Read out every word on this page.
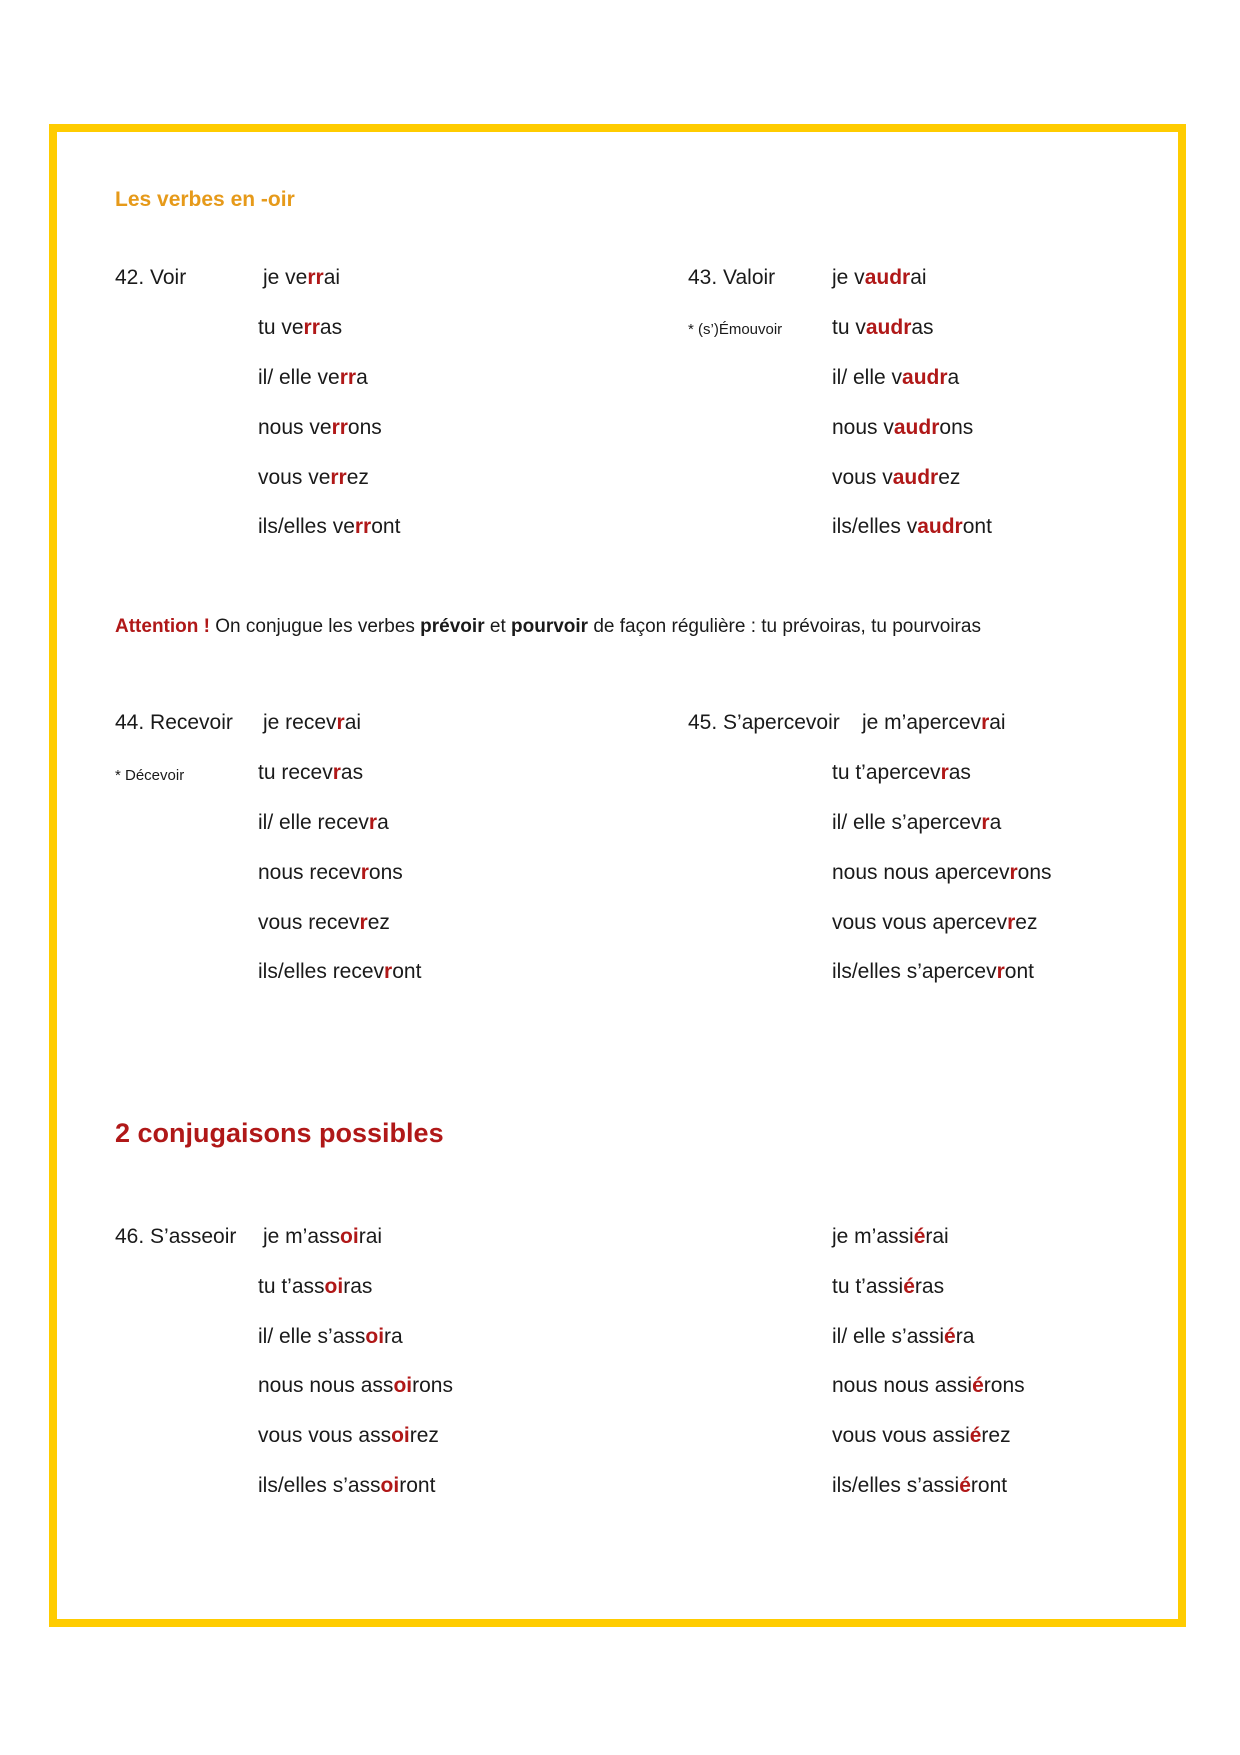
Les verbes en -oir
42. Voir	je verrai
tu verras
il/ elle verra
nous verrons
vous verrez
ils/elles verront
43. Valoir
* (s’)Émouvoir
je vaudrai
tu vaudras
il/ elle vaudra
nous vaudrons
vous vaudrez
ils/elles vaudront
Attention ! On conjugue les verbes prévoir et pourvoir de façon régulière : tu prévoiras, tu pourvoiras
44. Recevoir
* Décevoir
je recevrai
tu recevras
il/ elle recevra
nous recevrons
vous recevrez
ils/elles recevront
45. S’apercevoir je m’apercevrai
tu t’apercevras
il/ elle s’apercevra
nous nous apercevrons
vous vous apercevrez
ils/elles s’apercevront
2 conjugaisons possibles
46. S’asseoir je m’assoirai
tu t’assoiras
il/ elle s’assoira
nous nous assoirons
vous vous assoirez
ils/elles s’assoiront
je m’assiérai
tu t’assiéras
il/ elle s’assiéra
nous nous assiérons
vous vous assiérez
ils/elles s’assiéront
